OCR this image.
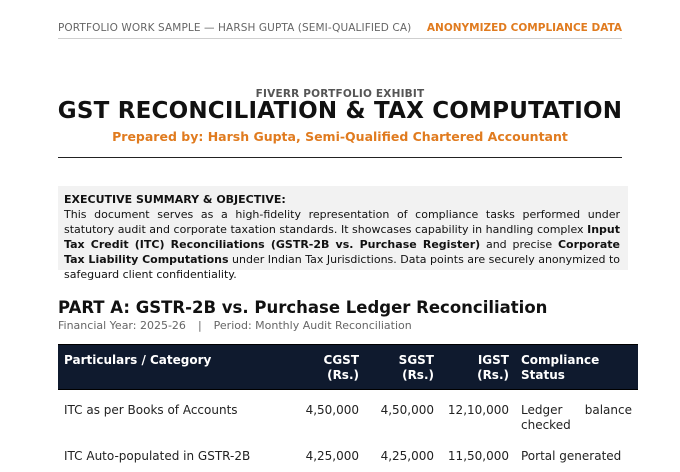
PORTFOLIO WORK SAMPLE — HARSH GUPTA (SEMI-QUALIFIED CA) ANONYMIZED COMPLIANCE DATA
FIVERR PORTFOLIO EXHIBIT
GST RECONCILIATION & TAX COMPUTATION
Prepared by: Harsh Gupta, Semi-Qualified Chartered Accountant
EXECUTIVE SUMMARY & OBJECTIVE:

This document serves as a high-fidelity representation of compliance tasks performed under statutory audit and corporate taxation standards. It showcases capability in handling complex Input Tax Credit (ITC) Reconciliations (GSTR-2B vs. Purchase Register) and precise Corporate Tax Liability Computations under Indian Tax Jurisdictions. Data points are securely anonymized to safeguard client confidentiality.

PART A: GSTR-2B vs. Purchase Ledger Reconciliation
Financial Year: 2025-26 | Period: Monthly Audit Reconciliation
Particulars / Category	CGST (Rs.)	SGST (Rs.)	IGST (Rs.)	Compliance Status
ITC as per Books of Accounts	4,50,000	4,50,000	12,10,000	Ledger balance checked
ITC Auto-populated in GSTR-2B	4,25,000	4,25,000	11,50,000	Portal generated
